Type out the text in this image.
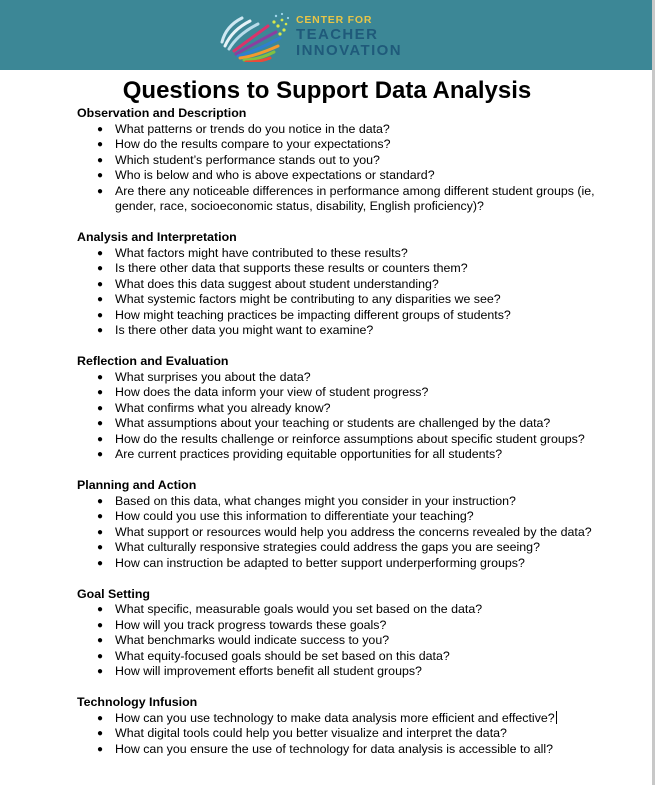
CENTER FOR
TEACHER
INNOVATION
Questions to Support Data Analysis
Observation and Description
● What patterns or trends do you notice in the data?
● How do the results compare to your expectations?
● Which student’s performance stands out to you?
● Who is below and who is above expectations or standard?
● Are there any noticeable differences in performance among different student groups (ie, gender, race, socioeconomic status, disability, English proficiency)?
Analysis and Interpretation
● What factors might have contributed to these results?
● Is there other data that supports these results or counters them?
● What does this data suggest about student understanding?
● What systemic factors might be contributing to any disparities we see?
● How might teaching practices be impacting different groups of students?
● Is there other data you might want to examine?
Reflection and Evaluation
● What surprises you about the data?
● How does the data inform your view of student progress?
● What confirms what you already know?
● What assumptions about your teaching or students are challenged by the data?
● How do the results challenge or reinforce assumptions about specific student groups?
● Are current practices providing equitable opportunities for all students?
Planning and Action
● Based on this data, what changes might you consider in your instruction?
● How could you use this information to differentiate your teaching?
● What support or resources would help you address the concerns revealed by the data?
● What culturally responsive strategies could address the gaps you are seeing?
● How can instruction be adapted to better support underperforming groups?
Goal Setting
● What specific, measurable goals would you set based on the data?
● How will you track progress towards these goals?
● What benchmarks would indicate success to you?
● What equity-focused goals should be set based on this data?
● How will improvement efforts benefit all student groups?
Technology Infusion
● How can you use technology to make data analysis more efficient and effective?
● What digital tools could help you better visualize and interpret the data?
● How can you ensure the use of technology for data analysis is accessible to all?
